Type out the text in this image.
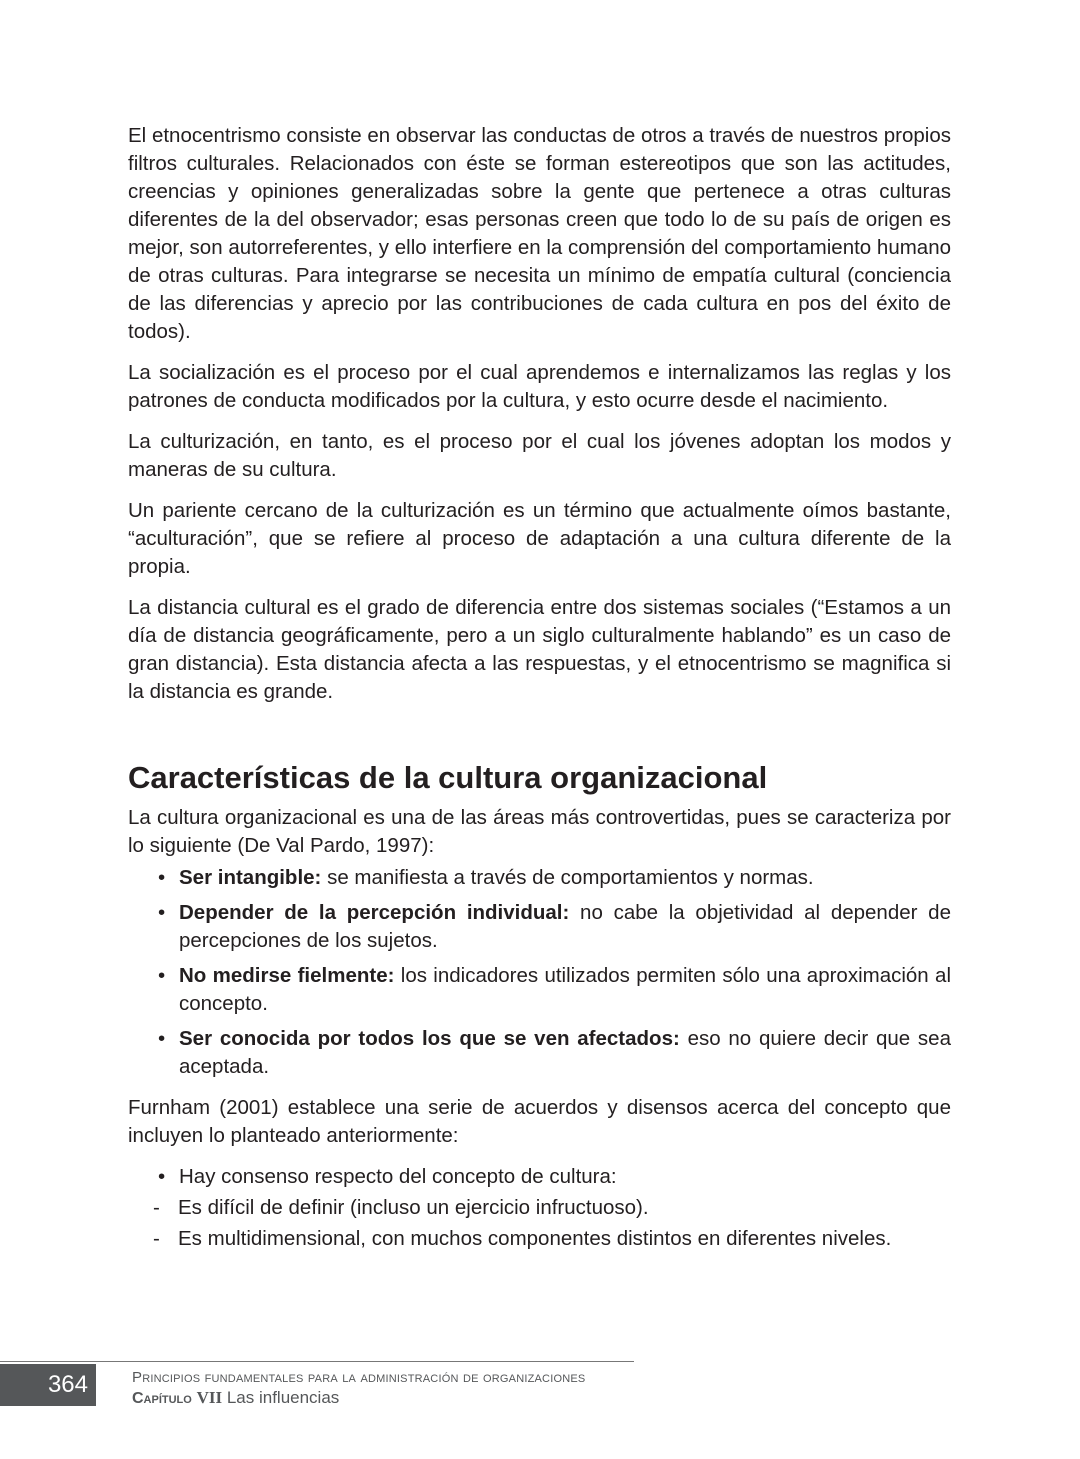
El etnocentrismo consiste en observar las conductas de otros a través de nuestros propios filtros culturales. Relacionados con éste se forman estereotipos que son las actitudes, creencias y opiniones generalizadas sobre la gente que pertenece a otras culturas diferentes de la del observador; esas personas creen que todo lo de su país de origen es mejor, son autorreferentes, y ello interfiere en la comprensión del comportamiento humano de otras culturas. Para integrarse se necesita un mínimo de empatía cultural (conciencia de las diferencias y aprecio por las contribuciones de cada cultura en pos del éxito de todos).

La socialización es el proceso por el cual aprendemos e internalizamos las reglas y los patrones de conducta modificados por la cultura, y esto ocurre desde el nacimiento.

La culturización, en tanto, es el proceso por el cual los jóvenes adoptan los modos y maneras de su cultura.

Un pariente cercano de la culturización es un término que actualmente oímos bastante, “aculturación”, que se refiere al proceso de adaptación a una cultura diferente de la propia.

La distancia cultural es el grado de diferencia entre dos sistemas sociales (“Estamos a un día de distancia geográficamente, pero a un siglo culturalmente hablando” es un caso de gran distancia). Esta distancia afecta a las respuestas, y el etnocentrismo se magnifica si la distancia es grande.

Características de la cultura organizacional

La cultura organizacional es una de las áreas más controvertidas, pues se caracteriza por lo siguiente (De Val Pardo, 1997):

• Ser intangible: se manifiesta a través de comportamientos y normas.
• Depender de la percepción individual: no cabe la objetividad al depender de percepciones de los sujetos.
• No medirse fielmente: los indicadores utilizados permiten sólo una aproximación al concepto.
• Ser conocida por todos los que se ven afectados: eso no quiere decir que sea aceptada.

Furnham (2001) establece una serie de acuerdos y disensos acerca del concepto que incluyen lo planteado anteriormente:

• Hay consenso respecto del concepto de cultura:
- Es difícil de definir (incluso un ejercicio infructuoso).
- Es multidimensional, con muchos componentes distintos en diferentes niveles.
364	Principios fundamentales para la administración de organizaciones
Capítulo VII Las influencias
